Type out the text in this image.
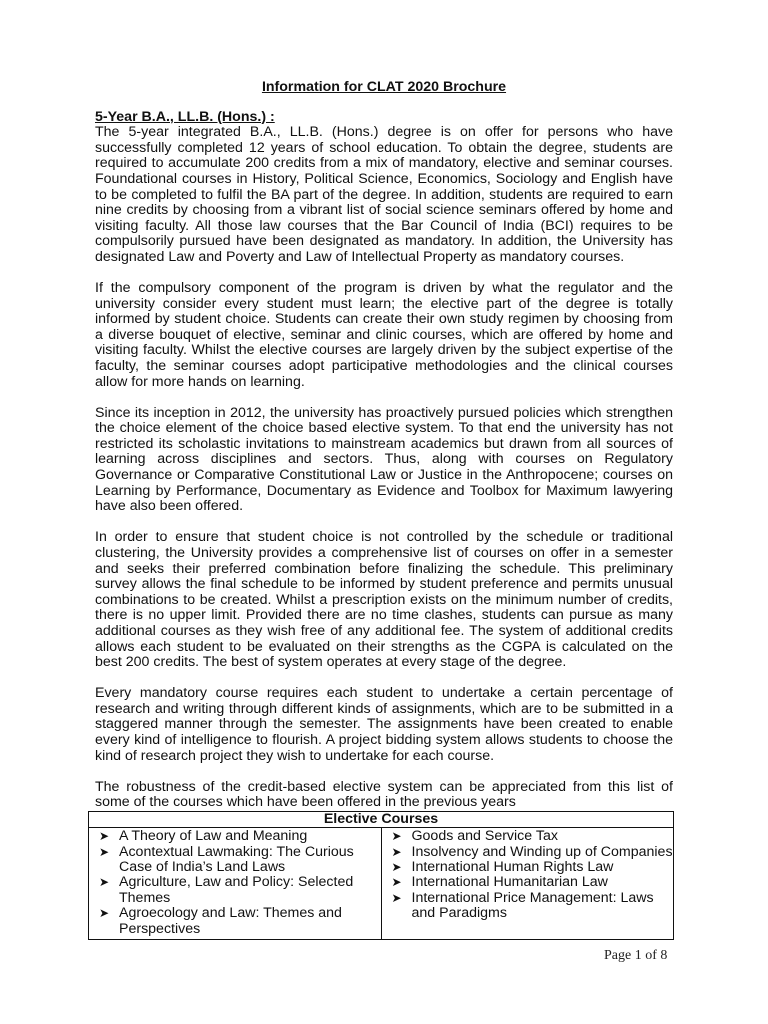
Information for CLAT 2020 Brochure
5-Year B.A., LL.B. (Hons.) :

The 5-year integrated B.A., LL.B. (Hons.) degree is on offer for persons who have successfully completed 12 years of school education. To obtain the degree, students are required to accumulate 200 credits from a mix of mandatory, elective and seminar courses. Foundational courses in History, Political Science, Economics, Sociology and English have to be completed to fulfil the BA part of the degree. In addition, students are required to earn nine credits by choosing from a vibrant list of social science seminars offered by home and visiting faculty. All those law courses that the Bar Council of India (BCI) requires to be compulsorily pursued have been designated as mandatory. In addition, the University has designated Law and Poverty and Law of Intellectual Property as mandatory courses.

If the compulsory component of the program is driven by what the regulator and the university consider every student must learn; the elective part of the degree is totally informed by student choice. Students can create their own study regimen by choosing from a diverse bouquet of elective, seminar and clinic courses, which are offered by home and visiting faculty. Whilst the elective courses are largely driven by the subject expertise of the faculty, the seminar courses adopt participative methodologies and the clinical courses allow for more hands on learning.

Since its inception in 2012, the university has proactively pursued policies which strengthen the choice element of the choice based elective system. To that end the university has not restricted its scholastic invitations to mainstream academics but drawn from all sources of learning across disciplines and sectors. Thus, along with courses on Regulatory Governance or Comparative Constitutional Law or Justice in the Anthropocene; courses on Learning by Performance, Documentary as Evidence and Toolbox for Maximum lawyering have also been offered.

In order to ensure that student choice is not controlled by the schedule or traditional clustering, the University provides a comprehensive list of courses on offer in a semester and seeks their preferred combination before finalizing the schedule. This preliminary survey allows the final schedule to be informed by student preference and permits unusual combinations to be created. Whilst a prescription exists on the minimum number of credits, there is no upper limit. Provided there are no time clashes, students can pursue as many additional courses as they wish free of any additional fee. The system of additional credits allows each student to be evaluated on their strengths as the CGPA is calculated on the best 200 credits. The best of system operates at every stage of the degree.

Every mandatory course requires each student to undertake a certain percentage of research and writing through different kinds of assignments, which are to be submitted in a staggered manner through the semester. The assignments have been created to enable every kind of intelligence to flourish. A project bidding system allows students to choose the kind of research project they wish to undertake for each course.

The robustness of the credit-based elective system can be appreciated from this list of some of the courses which have been offered in the previous years

Elective Courses

➤ A Theory of Law and Meaning
➤ Acontextual Lawmaking: The Curious Case of India’s Land Laws
➤ Agriculture, Law and Policy: Selected Themes
➤ Agroecology and Law: Themes and Perspectives

➤ Goods and Service Tax
➤ Insolvency and Winding up of Companies
➤ International Human Rights Law
➤ International Humanitarian Law
➤ International Price Management: Laws and Paradigms
Page 1 of 8
